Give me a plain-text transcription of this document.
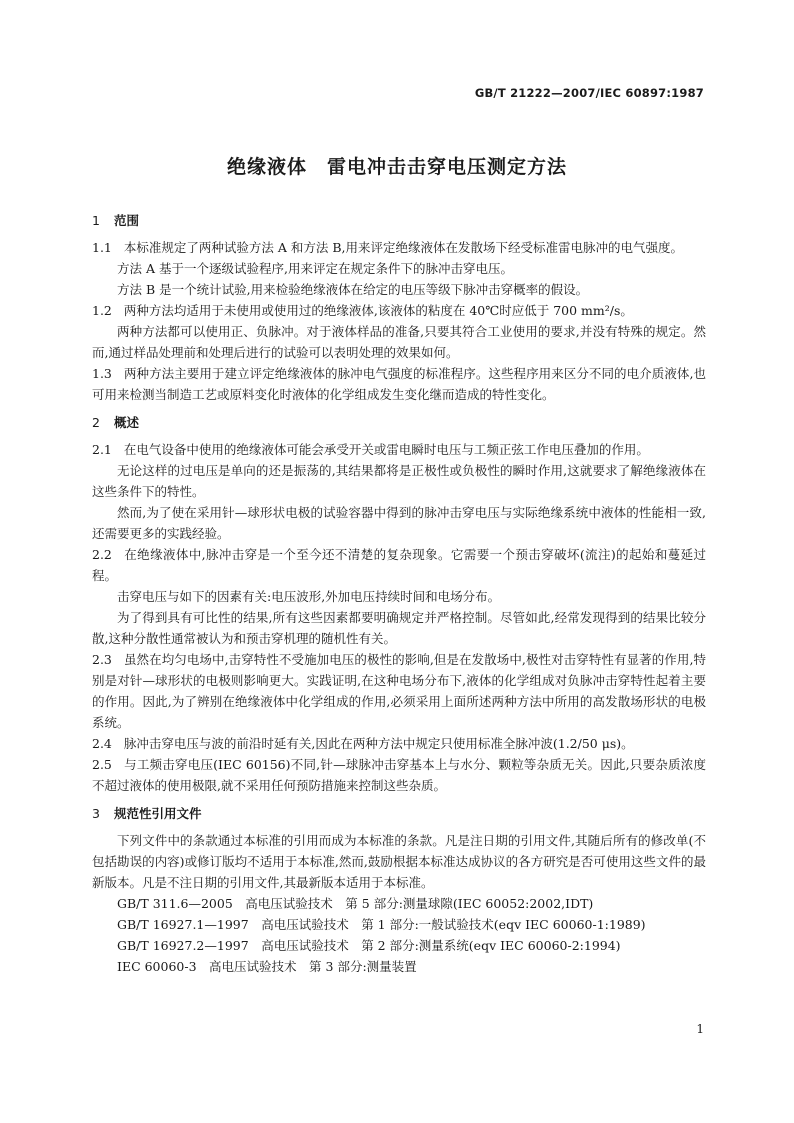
GB/T 21222—2007/IEC 60897:1987
绝缘液体　雷电冲击击穿电压测定方法
1 范围

1.1 本标准规定了两种试验方法 A 和方法 B,用来评定绝缘液体在发散场下经受标准雷电脉冲的电气强度。

方法 A 基于一个逐级试验程序,用来评定在规定条件下的脉冲击穿电压。

方法 B 是一个统计试验,用来检验绝缘液体在给定的电压等级下脉冲击穿概率的假设。

1.2 两种方法均适用于未使用或使用过的绝缘液体,该液体的粘度在 40℃时应低于 700 mm²/s。

两种方法都可以使用正、负脉冲。对于液体样品的准备,只要其符合工业使用的要求,并没有特殊的规定。然而,通过样品处理前和处理后进行的试验可以表明处理的效果如何。

1.3 两种方法主要用于建立评定绝缘液体的脉冲电气强度的标准程序。这些程序用来区分不同的电介质液体,也可用来检测当制造工艺或原料变化时液体的化学组成发生变化继而造成的特性变化。

2 概述

2.1 在电气设备中使用的绝缘液体可能会承受开关或雷电瞬时电压与工频正弦工作电压叠加的作用。

无论这样的过电压是单向的还是振荡的,其结果都将是正极性或负极性的瞬时作用,这就要求了解绝缘液体在这些条件下的特性。

然而,为了使在采用针—球形状电极的试验容器中得到的脉冲击穿电压与实际绝缘系统中液体的性能相一致,还需要更多的实践经验。

2.2 在绝缘液体中,脉冲击穿是一个至今还不清楚的复杂现象。它需要一个预击穿破坏(流注)的起始和蔓延过程。

击穿电压与如下的因素有关:电压波形,外加电压持续时间和电场分布。

为了得到具有可比性的结果,所有这些因素都要明确规定并严格控制。尽管如此,经常发现得到的结果比较分散,这种分散性通常被认为和预击穿机理的随机性有关。

2.3 虽然在均匀电场中,击穿特性不受施加电压的极性的影响,但是在发散场中,极性对击穿特性有显著的作用,特别是对针—球形状的电极则影响更大。实践证明,在这种电场分布下,液体的化学组成对负脉冲击穿特性起着主要的作用。因此,为了辨别在绝缘液体中化学组成的作用,必须采用上面所述两种方法中所用的高发散场形状的电极系统。

2.4 脉冲击穿电压与波的前沿时延有关,因此在两种方法中规定只使用标准全脉冲波(1.2/50 μs)。

2.5 与工频击穿电压(IEC 60156)不同,针—球脉冲击穿基本上与水分、颗粒等杂质无关。因此,只要杂质浓度不超过液体的使用极限,就不采用任何预防措施来控制这些杂质。

3 规范性引用文件

下列文件中的条款通过本标准的引用而成为本标准的条款。凡是注日期的引用文件,其随后所有的修改单(不包括勘误的内容)或修订版均不适用于本标准,然而,鼓励根据本标准达成协议的各方研究是否可使用这些文件的最新版本。凡是不注日期的引用文件,其最新版本适用于本标准。

GB/T 311.6—2005　高电压试验技术　第 5 部分:测量球隙(IEC 60052:2002,IDT)
GB/T 16927.1—1997　高电压试验技术　第 1 部分:一般试验技术(eqv IEC 60060-1:1989)
GB/T 16927.2—1997　高电压试验技术　第 2 部分:测量系统(eqv IEC 60060-2:1994)
IEC 60060-3　高电压试验技术　第 3 部分:测量装置
1
